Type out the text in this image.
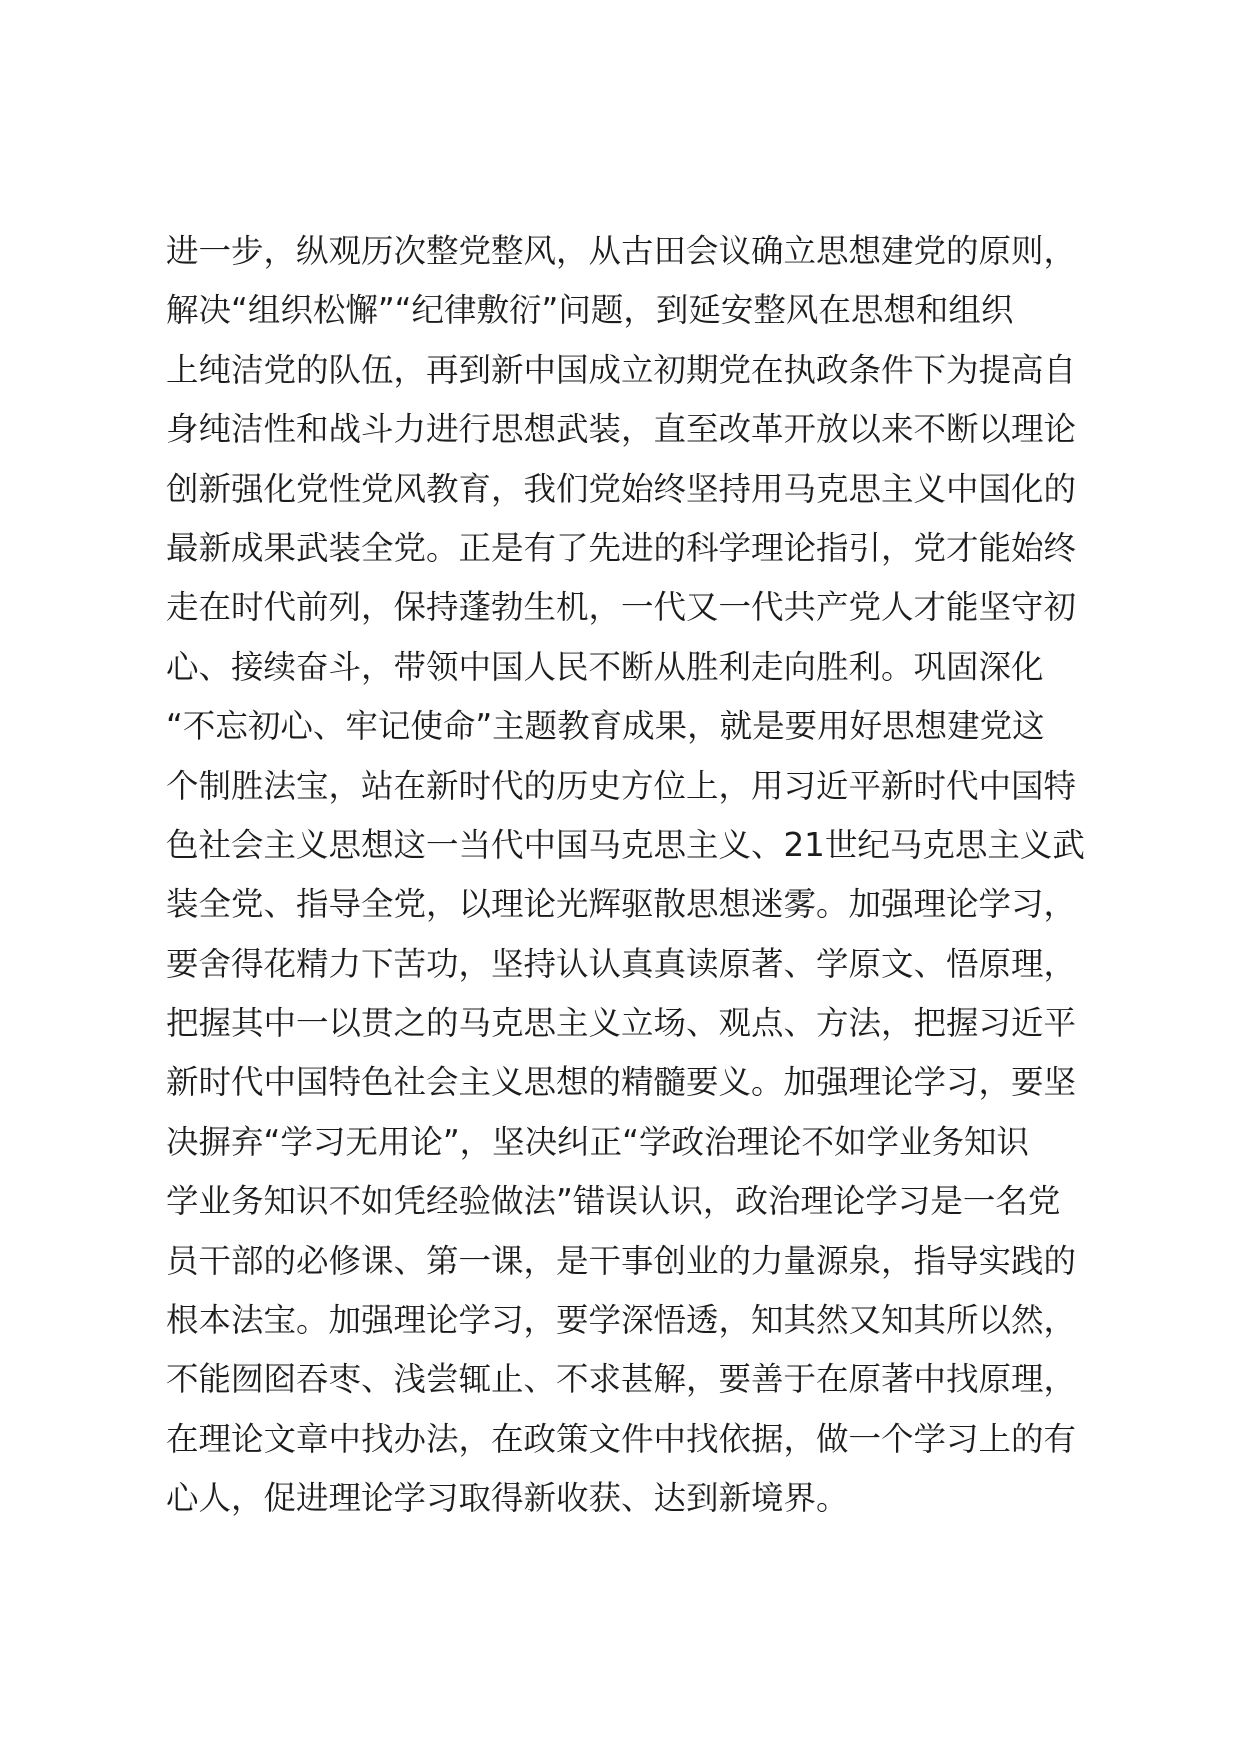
进一步，纵观历次整党整风，从古田会议确立思想建党的原则，
解决“组织松懈”“纪律敷衍”问题，到延安整风在思想和组织
上纯洁党的队伍，再到新中国成立初期党在执政条件下为提高自
身纯洁性和战斗力进行思想武装，直至改革开放以来不断以理论
创新强化党性党风教育，我们党始终坚持用马克思主义中国化的
最新成果武装全党。正是有了先进的科学理论指引，党才能始终
走在时代前列，保持蓬勃生机，一代又一代共产党人才能坚守初
心、接续奋斗，带领中国人民不断从胜利走向胜利。巩固深化
“不忘初心、牢记使命”主题教育成果，就是要用好思想建党这
个制胜法宝，站在新时代的历史方位上，用习近平新时代中国特
色社会主义思想这一当代中国马克思主义、21世纪马克思主义武
装全党、指导全党，以理论光辉驱散思想迷雾。加强理论学习，
要舍得花精力下苦功，坚持认认真真读原著、学原文、悟原理，
把握其中一以贯之的马克思主义立场、观点、方法，把握习近平
新时代中国特色社会主义思想的精髓要义。加强理论学习，要坚
决摒弃“学习无用论”，坚决纠正“学政治理论不如学业务知识
学业务知识不如凭经验做法”错误认识，政治理论学习是一名党
员干部的必修课、第一课，是干事创业的力量源泉，指导实践的
根本法宝。加强理论学习，要学深悟透，知其然又知其所以然，
不能囫囵吞枣、浅尝辄止、不求甚解，要善于在原著中找原理，
在理论文章中找办法，在政策文件中找依据，做一个学习上的有
心人，促进理论学习取得新收获、达到新境界。
